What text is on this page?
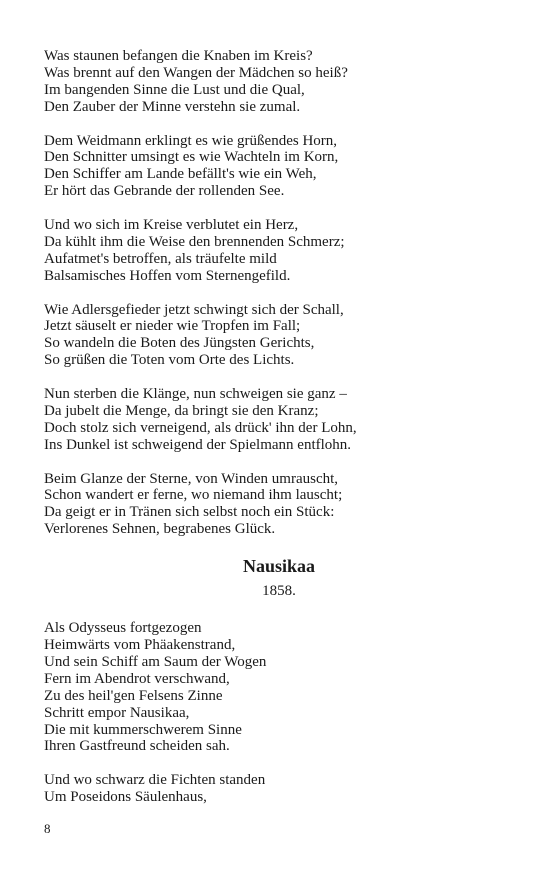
Was staunen befangen die Knaben im Kreis?
Was brennt auf den Wangen der Mädchen so heiß?
Im bangenden Sinne die Lust und die Qual,
Den Zauber der Minne verstehn sie zumal.
Dem Weidmann erklingt es wie grüßendes Horn,
Den Schnitter umsingt es wie Wachteln im Korn,
Den Schiffer am Lande befällt's wie ein Weh,
Er hört das Gebrande der rollenden See.
Und wo sich im Kreise verblutet ein Herz,
Da kühlt ihm die Weise den brennenden Schmerz;
Aufatmet's betroffen, als träufelte mild
Balsamisches Hoffen vom Sternengefild.
Wie Adlersgefieder jetzt schwingt sich der Schall,
Jetzt säuselt er nieder wie Tropfen im Fall;
So wandeln die Boten des Jüngsten Gerichts,
So grüßen die Toten vom Orte des Lichts.
Nun sterben die Klänge, nun schweigen sie ganz –
Da jubelt die Menge, da bringt sie den Kranz;
Doch stolz sich verneigend, als drück' ihn der Lohn,
Ins Dunkel ist schweigend der Spielmann entflohn.
Beim Glanze der Sterne, von Winden umrauscht,
Schon wandert er ferne, wo niemand ihm lauscht;
Da geigt er in Tränen sich selbst noch ein Stück:
Verlorenes Sehnen, begrabenes Glück.
Nausikaa
1858.
Als Odysseus fortgezogen
Heimwärts vom Phäakenstrand,
Und sein Schiff am Saum der Wogen
Fern im Abendrot verschwand,
Zu des heil'gen Felsens Zinne
Schritt empor Nausikaa,
Die mit kummerschwerem Sinne
Ihren Gastfreund scheiden sah.
Und wo schwarz die Fichten standen
Um Poseidons Säulenhaus,
8
